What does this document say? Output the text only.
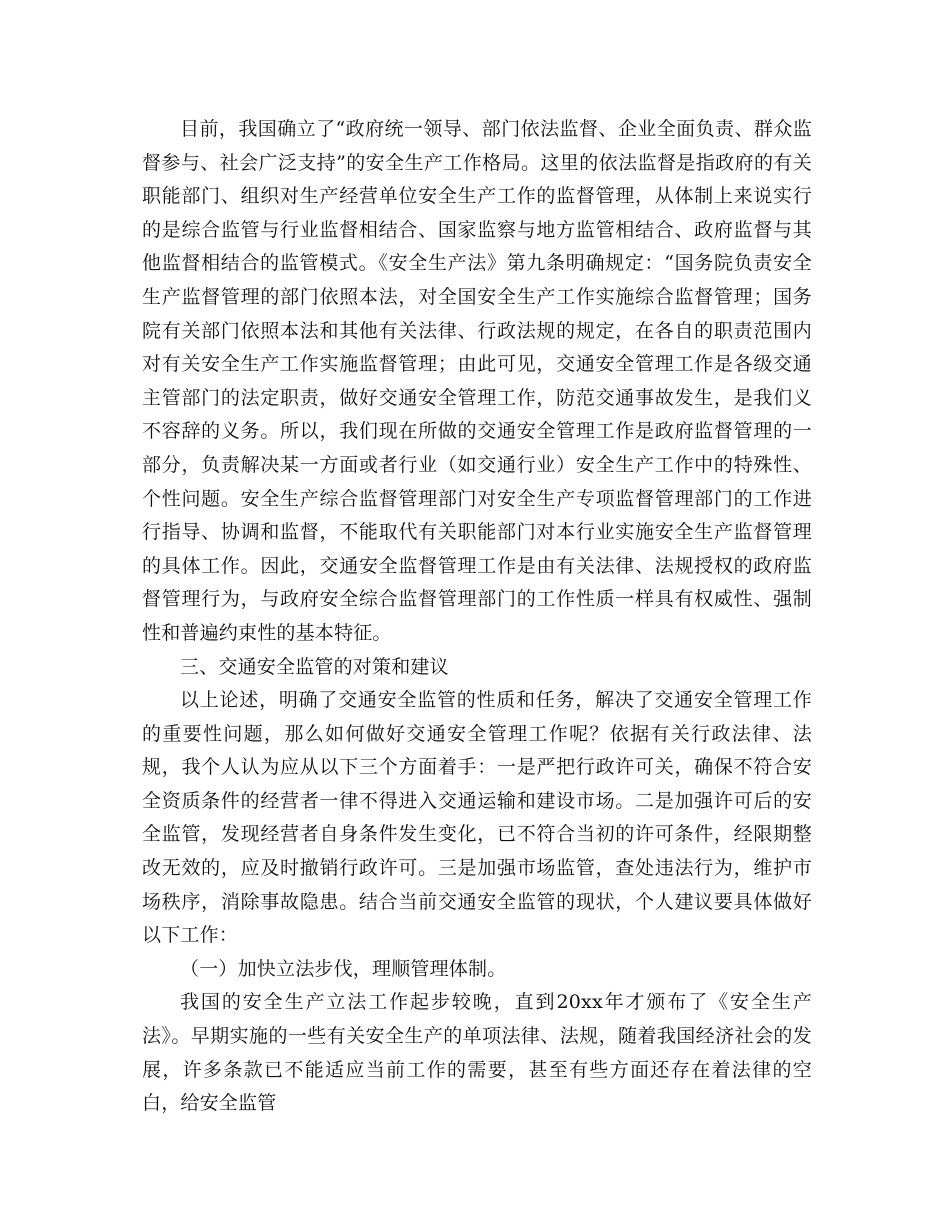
目前，我国确立了“政府统一领导、部门依法监督、企业全面负责、群众监督参与、社会广泛支持”的安全生产工作格局。这里的依法监督是指政府的有关职能部门、组织对生产经营单位安全生产工作的监督管理，从体制上来说实行的是综合监管与行业监督相结合、国家监察与地方监管相结合、政府监督与其他监督相结合的监管模式。《安全生产法》第九条明确规定：“国务院负责安全生产监督管理的部门依照本法，对全国安全生产工作实施综合监督管理；国务院有关部门依照本法和其他有关法律、行政法规的规定，在各自的职责范围内对有关安全生产工作实施监督管理；由此可见，交通安全管理工作是各级交通主管部门的法定职责，做好交通安全管理工作，防范交通事故发生，是我们义不容辞的义务。所以，我们现在所做的交通安全管理工作是政府监督管理的一部分，负责解决某一方面或者行业（如交通行业）安全生产工作中的特殊性、个性问题。安全生产综合监督管理部门对安全生产专项监督管理部门的工作进行指导、协调和监督，不能取代有关职能部门对本行业实施安全生产监督管理的具体工作。因此，交通安全监督管理工作是由有关法律、法规授权的政府监督管理行为，与政府安全综合监督管理部门的工作性质一样具有权威性、强制性和普遍约束性的基本特征。

三、交通安全监管的对策和建议

以上论述，明确了交通安全监管的性质和任务，解决了交通安全管理工作的重要性问题，那么如何做好交通安全管理工作呢？依据有关行政法律、法规，我个人认为应从以下三个方面着手：一是严把行政许可关，确保不符合安全资质条件的经营者一律不得进入交通运输和建设市场。二是加强许可后的安全监管，发现经营者自身条件发生变化，已不符合当初的许可条件，经限期整改无效的，应及时撤销行政许可。三是加强市场监管，查处违法行为，维护市场秩序，消除事故隐患。结合当前交通安全监管的现状，个人建议要具体做好以下工作：

（一）加快立法步伐，理顺管理体制。

我国的安全生产立法工作起步较晚，直到20xx年才颁布了《安全生产法》。早期实施的一些有关安全生产的单项法律、法规，随着我国经济社会的发展，许多条款已不能适应当前工作的需要，甚至有些方面还存在着法律的空白，给安全监管
